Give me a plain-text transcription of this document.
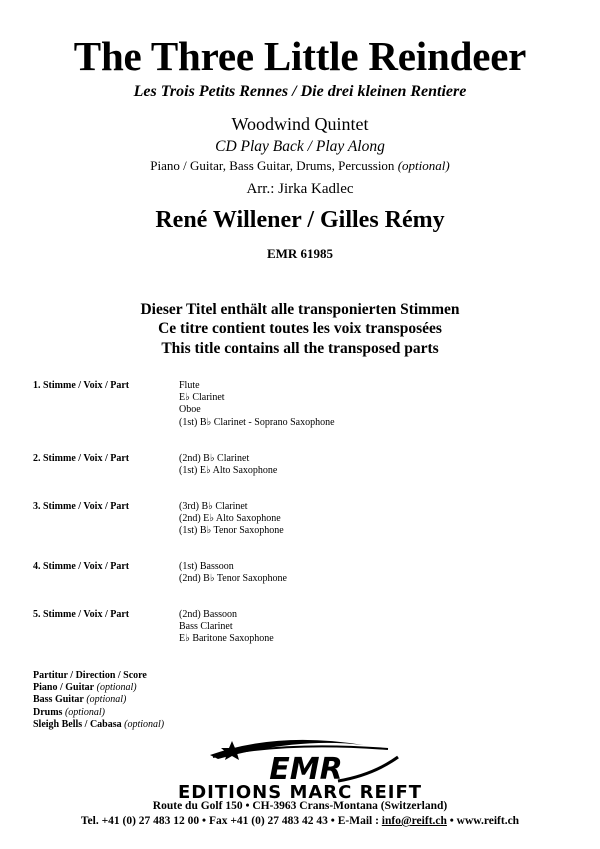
The Three Little Reindeer
Les Trois Petits Rennes / Die drei kleinen Rentiere
Woodwind Quintet
CD Play Back / Play Along
Piano / Guitar, Bass Guitar, Drums, Percussion (optional)
Arr.: Jirka Kadlec
René Willener / Gilles Rémy
EMR 61985
Dieser Titel enthält alle transponierten Stimmen
Ce titre contient toutes les voix transposées
This title contains all the transposed parts
1. Stimme / Voix / Part	Flute
E♭ Clarinet
Oboe
(1st) B♭ Clarinet - Soprano Saxophone
2. Stimme / Voix / Part	(2nd) B♭ Clarinet
(1st) E♭ Alto Saxophone
3. Stimme / Voix / Part	(3rd) B♭ Clarinet
(2nd) E♭ Alto Saxophone
(1st) B♭ Tenor Saxophone
4. Stimme / Voix / Part	(1st) Bassoon
(2nd) B♭ Tenor Saxophone
5. Stimme / Voix / Part	(2nd) Bassoon
Bass Clarinet
E♭ Baritone Saxophone
Partitur / Direction / Score
Piano / Guitar (optional)
Bass Guitar (optional)
Drums (optional)
Sleigh Bells / Cabasa (optional)
EMR
EDITIONS MARC REIFT
Route du Golf 150 • CH-3963 Crans-Montana (Switzerland)
Tel. +41 (0) 27 483 12 00 • Fax +41 (0) 27 483 42 43 • E-Mail : info@reift.ch • www.reift.ch
